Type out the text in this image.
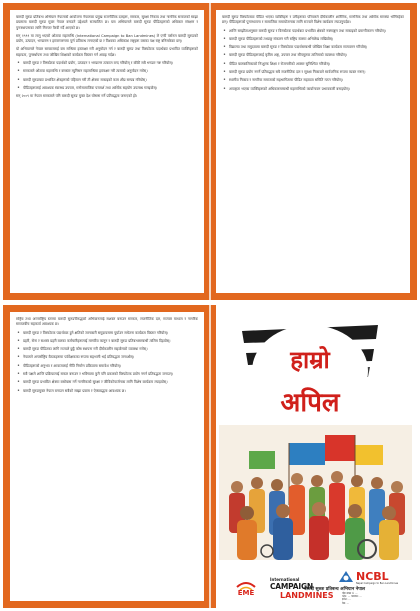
बारुदी सुरुङ प्रतिबन्ध अभियान नेपालको आयोजना नेपालका प्रमुख राजनीतिक दलहरू, सरकार, सुरक्षा निकाय तथा नागरिक समाजको साझा प्रयासमा बारुदी सुरुङ मुक्त नेपाल बनाउने उद्देश्यले सञ्चालित छ। यस अभियानले बारुदी सुरुङ पीडितहरूको अधिकार संरक्षण र पुनःस्थापनाका लागि निरन्तर पैरवी गर्दै आएको छ।

सन् १९९९ मा लागू भएको ओटावा महासन्धि (International Campaign to Ban Landmines) ले एन्टी पर्सनल बारुदी सुरुङको प्रयोग, उत्पादन, भण्डारण र हस्तान्तरणमा पूर्ण प्रतिबन्ध लगाएको छ र विश्वका अधिकांश राष्ट्रहरू यसका पक्ष राष्ट्र बनिसकेका छन्।

यो अभियानले नेपाल सरकारलाई यस सन्धिमा हस्ताक्षर गरी अनुमोदन गर्न र बारुदी सुरुङ तथा विस्फोटक पदार्थबाट प्रभावित व्यक्तिहरूको सहायता, पुनर्स्थापना तथा जोखिम शिक्षाको कार्यक्रम विस्तार गर्न आग्रह गर्दछ।

• बारुदी सुरुङ र विष्फोटक पदार्थको प्रयोग, उत्पादन र भण्डारण तत्काल बन्द गरियोस् र बाँकी सबै भण्डार नष्ट गरियोस्।
• सरकारले ओटावा महासन्धि र क्लस्टर म्युनिसन महासन्धिमा हस्ताक्षर गरी त्यसको अनुमोदन गरोस्।
• बारुदी सुरुङबाट प्रभावित क्षेत्रहरूको पहिचान गरी ती क्षेत्रमा सफाइको काम शीघ्र सम्पन्न गरियोस्।
• पीडितहरूलाई आवश्यक स्वास्थ्य उपचार, मनोसामाजिक परामर्श तथा आर्थिक सहयोग उपलब्ध गराइयोस्।

सन् २००९ मा नेपाल सरकारले पनि बारुदी सुरुङ मुक्त देश घोषणा गर्ने प्रतिबद्धता जनाएको हो।

बारुदी सुरुङ विस्फोटबाट पीडित भएका व्यक्तिहरू र उनीहरूका परिवारले दीर्घकालीन शारीरिक, मानसिक तथा आर्थिक समस्या भोगिरहेका छन्। पीडितहरूको पुनःस्थापना र सामाजिक समायोजनका लागि राज्यले विशेष कार्यक्रम ल्याउनुपर्दछ।

• शान्ति सम्झौताअनुसार बारुदी सुरुङ र विस्फोटक पदार्थबाट प्रभावित क्षेत्रको नक्साङ्कन तथा सफाइको प्रमाणीकरण गरियोस्।
• बारुदी सुरुङ पीडितहरूको तथ्याङ्क संकलन गरी राष्ट्रिय स्तरमा अभिलेख राखियोस्।
• विद्यालय तथा समुदायमा बारुदी सुरुङ र विस्फोटक पदार्थसम्बन्धी जोखिम शिक्षा कार्यक्रम सञ्चालन गरियोस्।
• बारुदी सुरुङ पीडितहरूलाई कृत्रिम अङ्ग, उपचार तथा सीपमूलक तालिमको व्यवस्था गरियोस्।
• पीडित बालबालिकाको निःशुल्क शिक्षा र रोजगारीको अवसर सुनिश्चित गरियोस्।
• बारुदी सुरुङ प्रयोग नगर्ने प्रतिबद्धता सबै राजनीतिक दल र सुरक्षा निकायले सार्वजनिक रूपमा व्यक्त गरून्।
• स्थानीय निकाय र नागरिक समाजको सहभागितामा पीडित सहायता समिति गठन गरियोस्।
• अपाङ्गता भएका व्यक्तिहरूको अधिकारसम्बन्धी महासन्धिको कार्यान्वयन प्रभावकारी बनाइयोस्।

राष्ट्रिय तथा अन्तर्राष्ट्रिय स्तरमा बारुदी सुरुङविरुद्धको अभियानलाई सशक्त बनाउन सरकार, राजनीतिक दल, सञ्चार माध्यम र नागरिक समाजबीच सहकार्य आवश्यक छ।

• बारुदी सुरुङ र विस्फोटक पदार्थबाट हुने क्षतिको जानकारी समुदायसम्म पुर्याउन सचेतना कार्यक्रम विस्तार गरियोस्।
• प्रहरी, सेना र सशस्त्र प्रहरी बलका कर्मचारीहरूलाई मानवीय कानून र बारुदी सुरुङ प्रतिबन्धसम्बन्धी तालिम दिइयोस्।
• बारुदी सुरुङ पीडितका लागि राज्यले छुट्टै कोष स्थापना गरी दीर्घकालीन सहयोगको व्यवस्था गरोस्।
• नेपालले अन्तर्राष्ट्रिय बैठकहरूमा पर्यवेक्षकका रूपमा सहभागी भई प्रतिबद्धता जनाओस्।
• पीडितहरूको अनुभव र आवाजलाई नीति निर्माण प्रक्रियामा समावेश गरियोस्।
• सबै पक्षले शान्ति प्रक्रियालाई सफल बनाउन र भविष्यमा कुनै पनि प्रकारको विस्फोटक प्रयोग नगर्न प्रतिबद्धता जनाउन्।
• बारुदी सुरुङ प्रभावित क्षेत्रमा बसोबास गर्ने नागरिकको सुरक्षा र जीविकोपार्जनका लागि विशेष कार्यक्रम ल्याइयोस्।
• बारुदी सुरुङमुक्त नेपाल बनाउन सबैको साझा प्रयास र ऐक्यबद्धता आवश्यक छ।
हाम्रो
अपिल
EME
International
CAMPAIGN
LANDMINES
NCBL
Nepal Campaign to Ban Landmines
बारुदी सुरुङ प्रतिबन्ध अभियान नेपाल
पोष्ट बक्स नं. ...
फोन: ... फ्याक्स: ...
इमेल: ...
वेब: ...
